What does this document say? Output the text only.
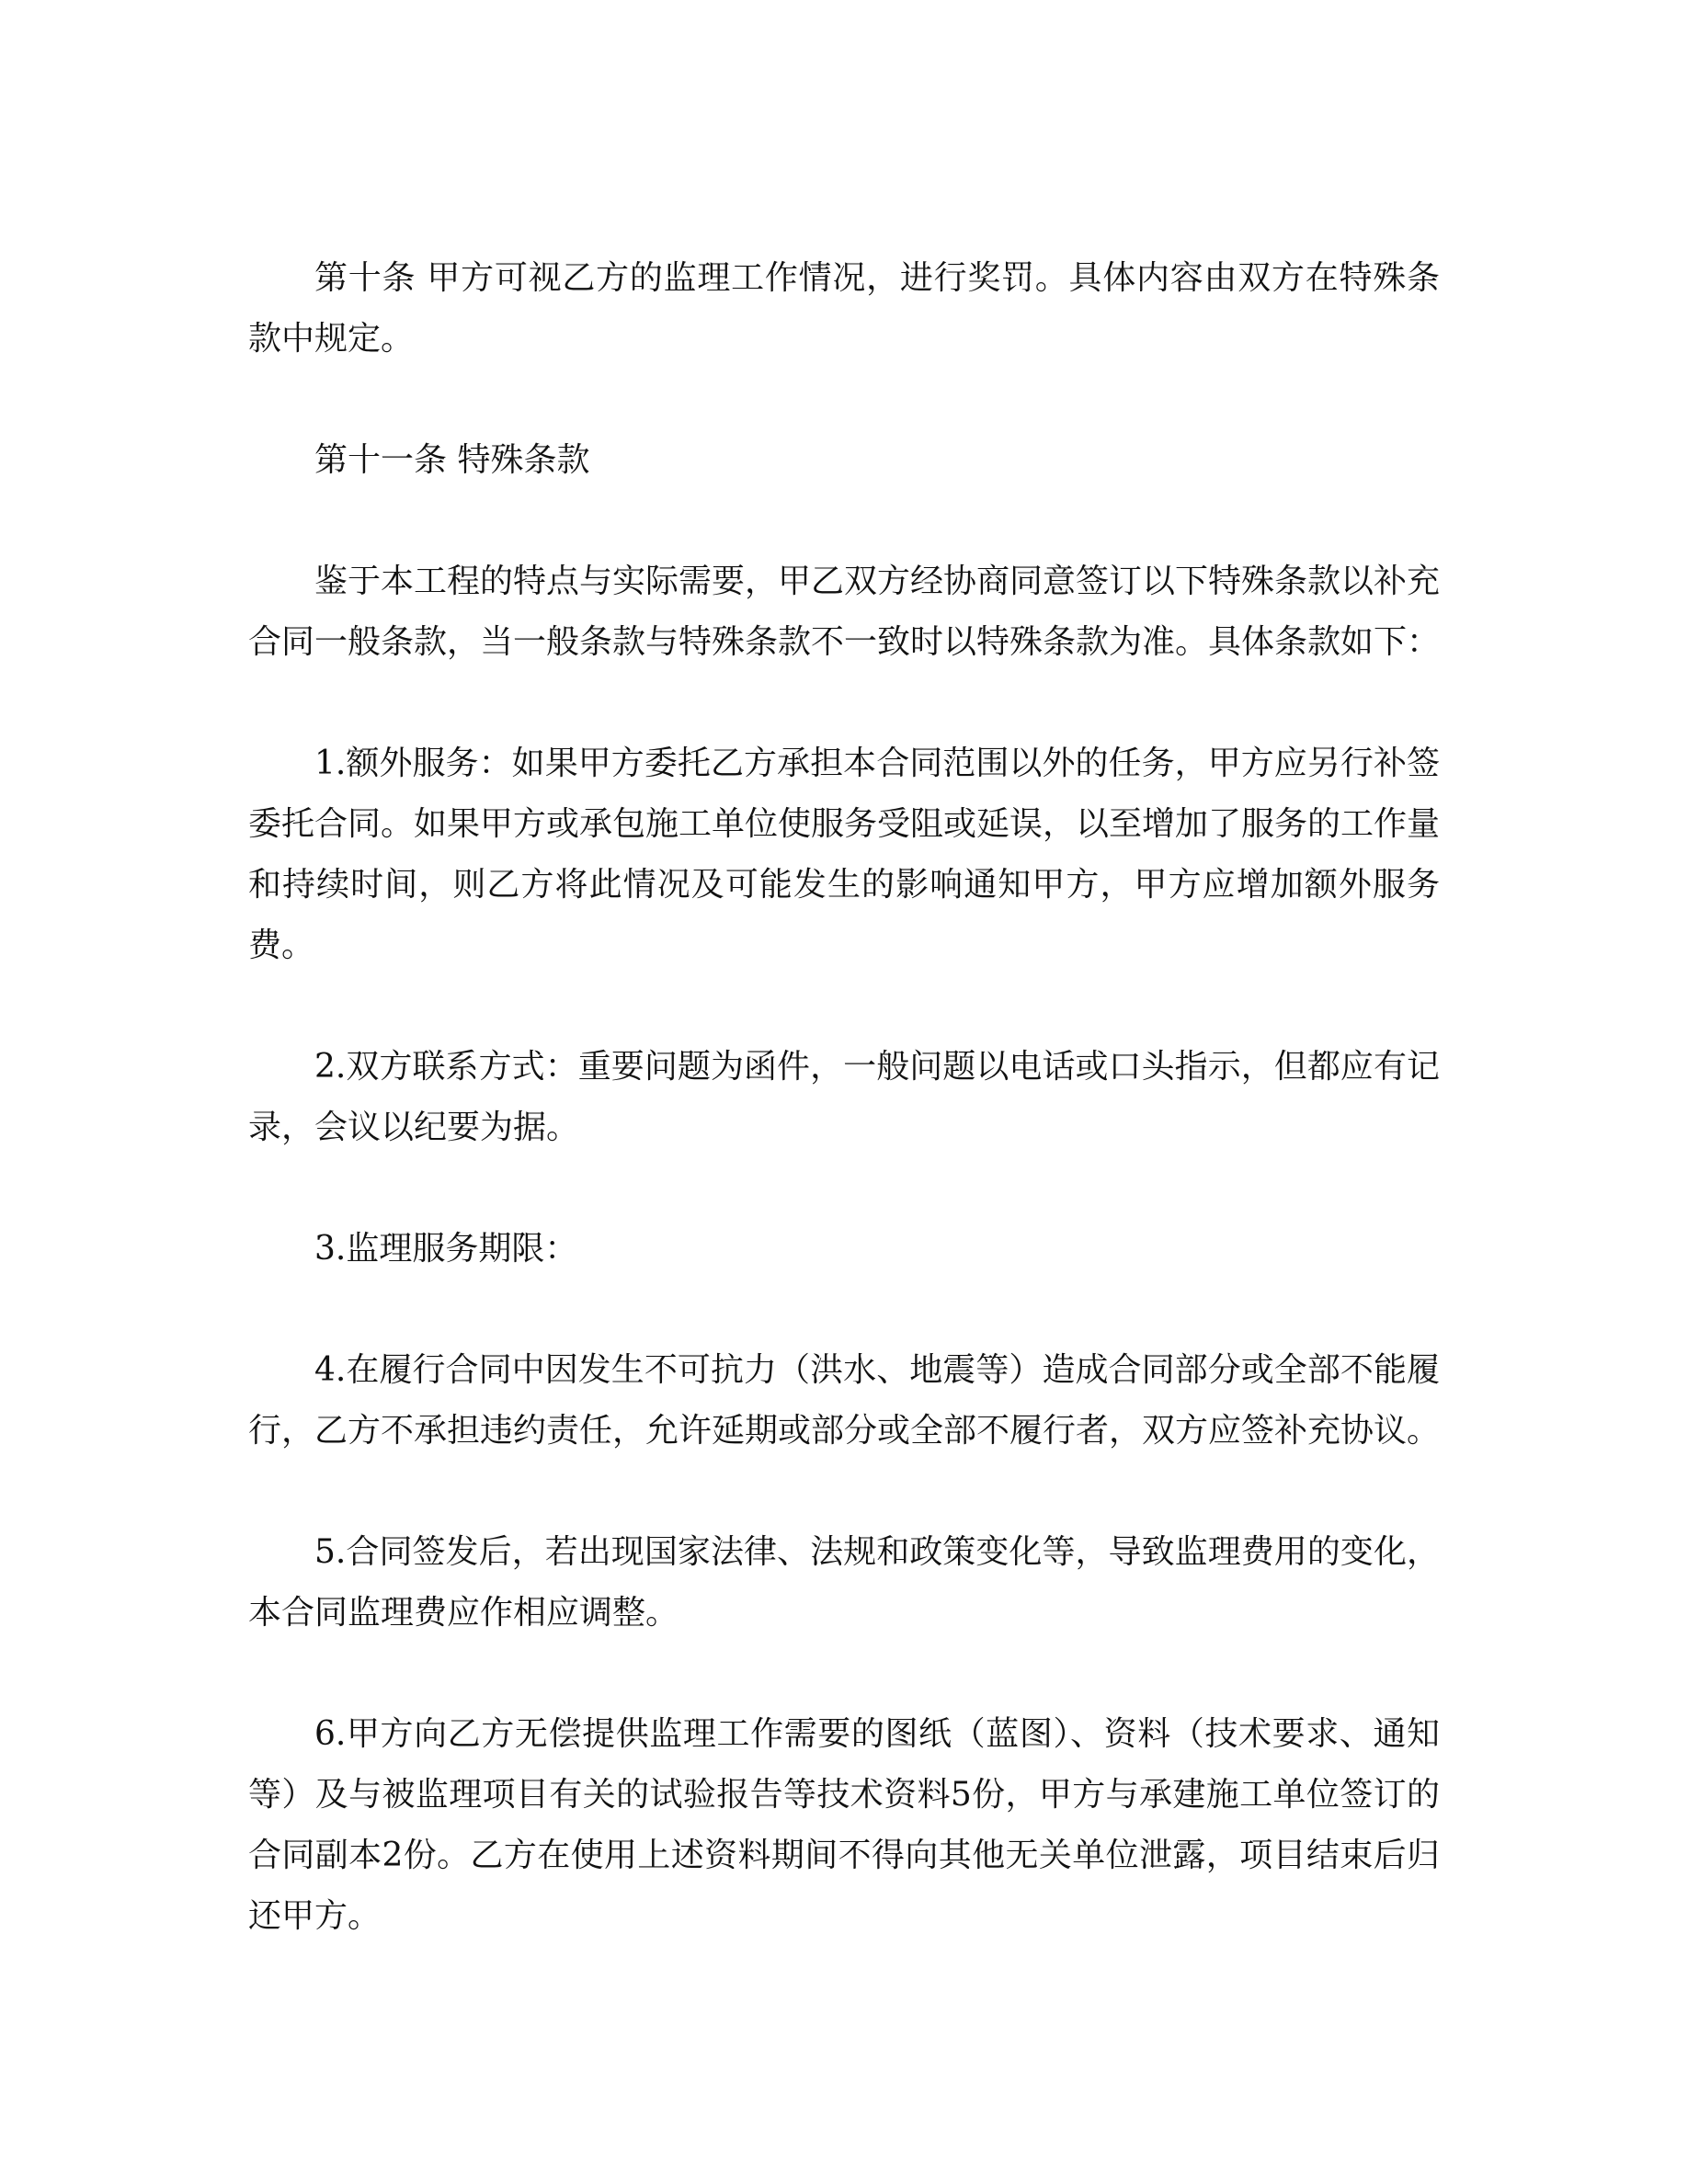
第十条 甲方可视乙方的监理工作情况，进行奖罚。具体内容由双方在特殊条款中规定。

第十一条 特殊条款

鉴于本工程的特点与实际需要，甲乙双方经协商同意签订以下特殊条款以补充合同一般条款，当一般条款与特殊条款不一致时以特殊条款为准。具体条款如下：

1.额外服务：如果甲方委托乙方承担本合同范围以外的任务，甲方应另行补签委托合同。如果甲方或承包施工单位使服务受阻或延误，以至增加了服务的工作量和持续时间，则乙方将此情况及可能发生的影响通知甲方，甲方应增加额外服务费。

2.双方联系方式：重要问题为函件，一般问题以电话或口头指示，但都应有记录，会议以纪要为据。

3.监理服务期限：

4.在履行合同中因发生不可抗力（洪水、地震等）造成合同部分或全部不能履行，乙方不承担违约责任，允许延期或部分或全部不履行者，双方应签补充协议。

5.合同签发后，若出现国家法律、法规和政策变化等，导致监理费用的变化，本合同监理费应作相应调整。

6.甲方向乙方无偿提供监理工作需要的图纸（蓝图）、资料（技术要求、通知等）及与被监理项目有关的试验报告等技术资料5份，甲方与承建施工单位签订的合同副本2份。乙方在使用上述资料期间不得向其他无关单位泄露，项目结束后归还甲方。
